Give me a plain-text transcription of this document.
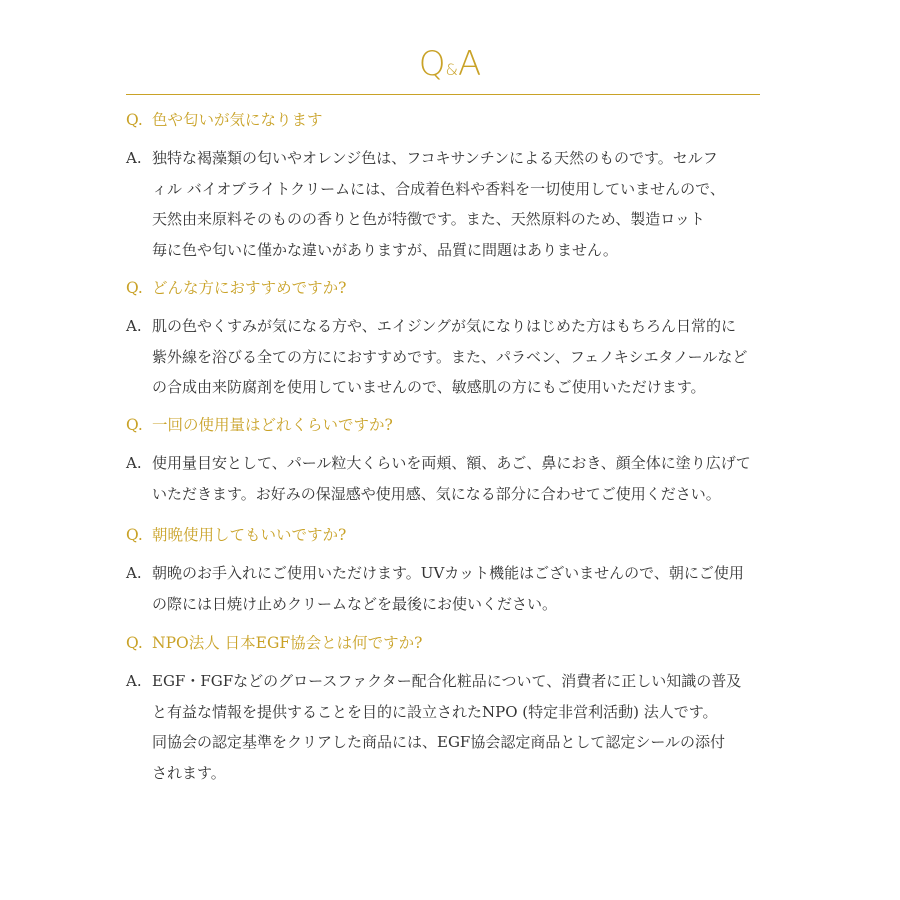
Q&A
Q. 色や匂いが気になります
A. 独特な褐藻類の匂いやオレンジ色は、フコキサンチンによる天然のものです。セルフ
ィル バイオブライトクリームには、合成着色料や香料を一切使用していませんので、
天然由来原料そのものの香りと色が特徴です。また、天然原料のため、製造ロット
毎に色や匂いに僅かな違いがありますが、品質に問題はありません。
Q. どんな方におすすめですか?
A. 肌の色やくすみが気になる方や、エイジングが気になりはじめた方はもちろん日常的に
紫外線を浴びる全ての方ににおすすめです。また、パラベン、フェノキシエタノールなど
の合成由来防腐剤を使用していませんので、敏感肌の方にもご使用いただけます。
Q. 一回の使用量はどれくらいですか?
A. 使用量目安として、パール粒大くらいを両頬、額、あご、鼻におき、顔全体に塗り広げて
いただきます。お好みの保湿感や使用感、気になる部分に合わせてご使用ください。
Q. 朝晩使用してもいいですか?
A. 朝晩のお手入れにご使用いただけます。UVカット機能はございませんので、朝にご使用
の際には日焼け止めクリームなどを最後にお使いください。
Q. NPO法人 日本EGF協会とは何ですか?
A. EGF・FGFなどのグロースファクター配合化粧品について、消費者に正しい知識の普及
と有益な情報を提供することを目的に設立されたNPO (特定非営利活動) 法人です。
同協会の認定基準をクリアした商品には、EGF協会認定商品として認定シールの添付
されます。
